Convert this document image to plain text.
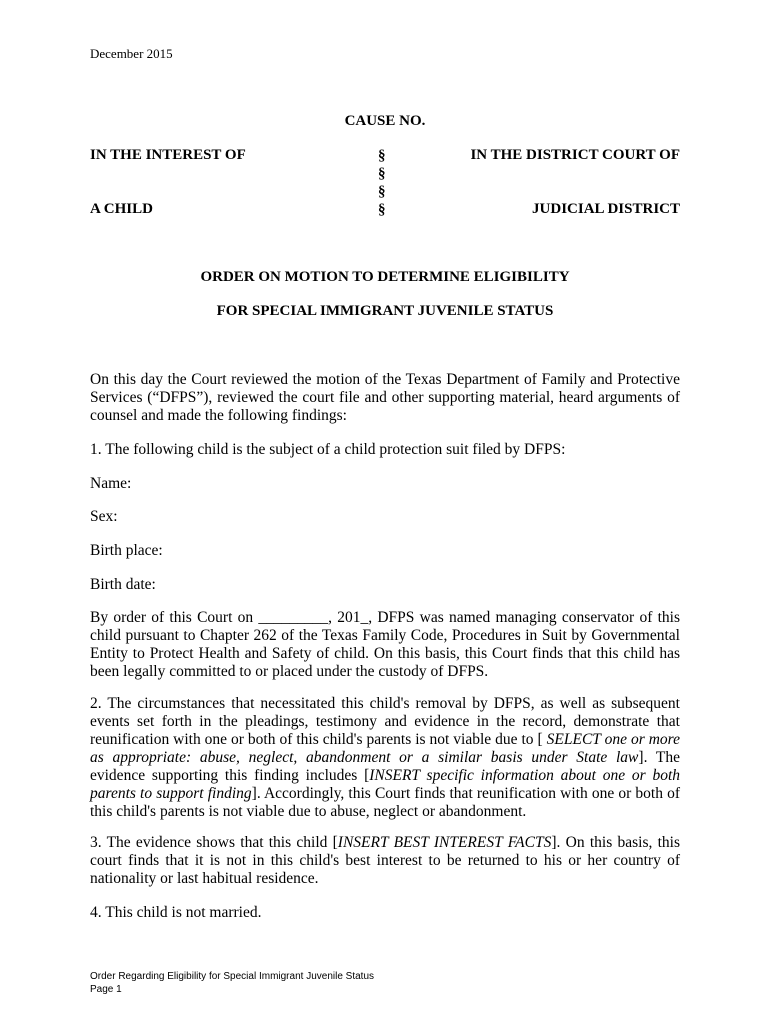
December 2015
CAUSE NO.
IN THE INTEREST OF
A CHILD
IN THE DISTRICT COURT OF
JUDICIAL DISTRICT
§
§
§
§
ORDER ON MOTION TO DETERMINE ELIGIBILITY
FOR SPECIAL IMMIGRANT JUVENILE STATUS
On this day the Court reviewed the motion of the Texas Department of Family and Protective Services (“DFPS”), reviewed the court file and other supporting material, heard arguments of counsel and made the following findings:
1. The following child is the subject of a child protection suit filed by DFPS:
Name:
Sex:
Birth place:
Birth date:
By order of this Court on _________, 201_, DFPS was named managing conservator of this child pursuant to Chapter 262 of the Texas Family Code, Procedures in Suit by Governmental Entity to Protect Health and Safety of child. On this basis, this Court finds that this child has been legally committed to or placed under the custody of DFPS.
2. The circumstances that necessitated this child's removal by DFPS, as well as subsequent events set forth in the pleadings, testimony and evidence in the record, demonstrate that reunification with one or both of this child's parents is not viable due to [ SELECT one or more as appropriate: abuse, neglect, abandonment or a similar basis under State law]. The evidence supporting this finding includes [INSERT specific information about one or both parents to support finding]. Accordingly, this Court finds that reunification with one or both of this child's parents is not viable due to abuse, neglect or abandonment.
3. The evidence shows that this child [INSERT BEST INTEREST FACTS]. On this basis, this court finds that it is not in this child's best interest to be returned to his or her country of nationality or last habitual residence.
4. This child is not married.
Order Regarding Eligibility for Special Immigrant Juvenile Status
Page 1
